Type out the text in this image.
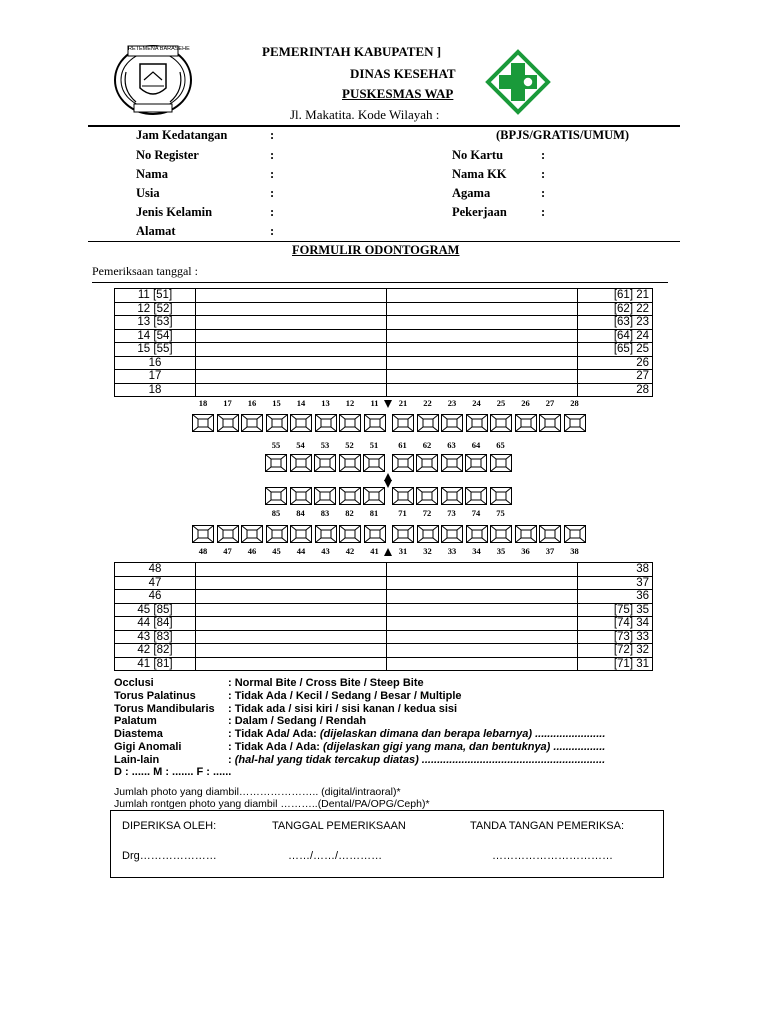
RETEMENA BARASEHE	PEMERINTAH KABUPATEN ]
DINAS KESEHAT
PUSKESMAS WAP
Jl. Makatita. Kode Wilayah :
Jam Kedatangan	:	(BPJS/GRATIS/UMUM)
No Register	:	No Kartu	:
Nama	:	Nama KK	:
Usia	:	Agama	:
Jenis Kelamin	:	Pekerjaan	:
Alamat	:
FORMULIR ODONTOGRAM
Pemeriksaan tanggal :
11 [51]			[61] 21
12 [52]			[62] 22
13 [53]			[63] 23
14 [54]			[64] 24
15 [55]			[65] 25
16			26
17			27
18			28
18	17	16	15	14	13	12	11	21	22	23	24	25	26	27	28
55	54	53	52	51	61	62	63	64	65
85	84	83	82	81	71	72	73	74	75
48	47	46	45	44	43	42	41	31	32	33	34	35	36	37	38
48			38
47			37
46			36
45 [85]			[75] 35
44 [84]			[74] 34
43 [83]			[73] 33
42 [82]			[72] 32
41 [81]			[71] 31
Occlusi	: Normal Bite / Cross Bite / Steep Bite
Torus Palatinus	: Tidak Ada / Kecil / Sedang / Besar / Multiple
Torus Mandibularis : Tidak ada / sisi kiri / sisi kanan / kedua sisi
Palatum	: Dalam / Sedang / Rendah
Diastema	: Tidak Ada/ Ada: (dijelaskan dimana dan berapa lebarnya) .......................
Gigi Anomali	: Tidak Ada / Ada: (dijelaskan gigi yang mana, dan bentuknya) .................
Lain-lain	: (hal-hal yang tidak tercakup diatas) ............................................................
D : ...... M : ....... F : ......
Jumlah photo yang diambil………………….. (digital/intraoral)*
Jumlah rontgen photo yang diambil ………..(Dental/PA/OPG/Ceph)*
DIPERIKSA OLEH:	TANGGAL PEMERIKSAAN	TANDA TANGAN PEMERIKSA:
Drg…………………	……/……/…………	……………………………
